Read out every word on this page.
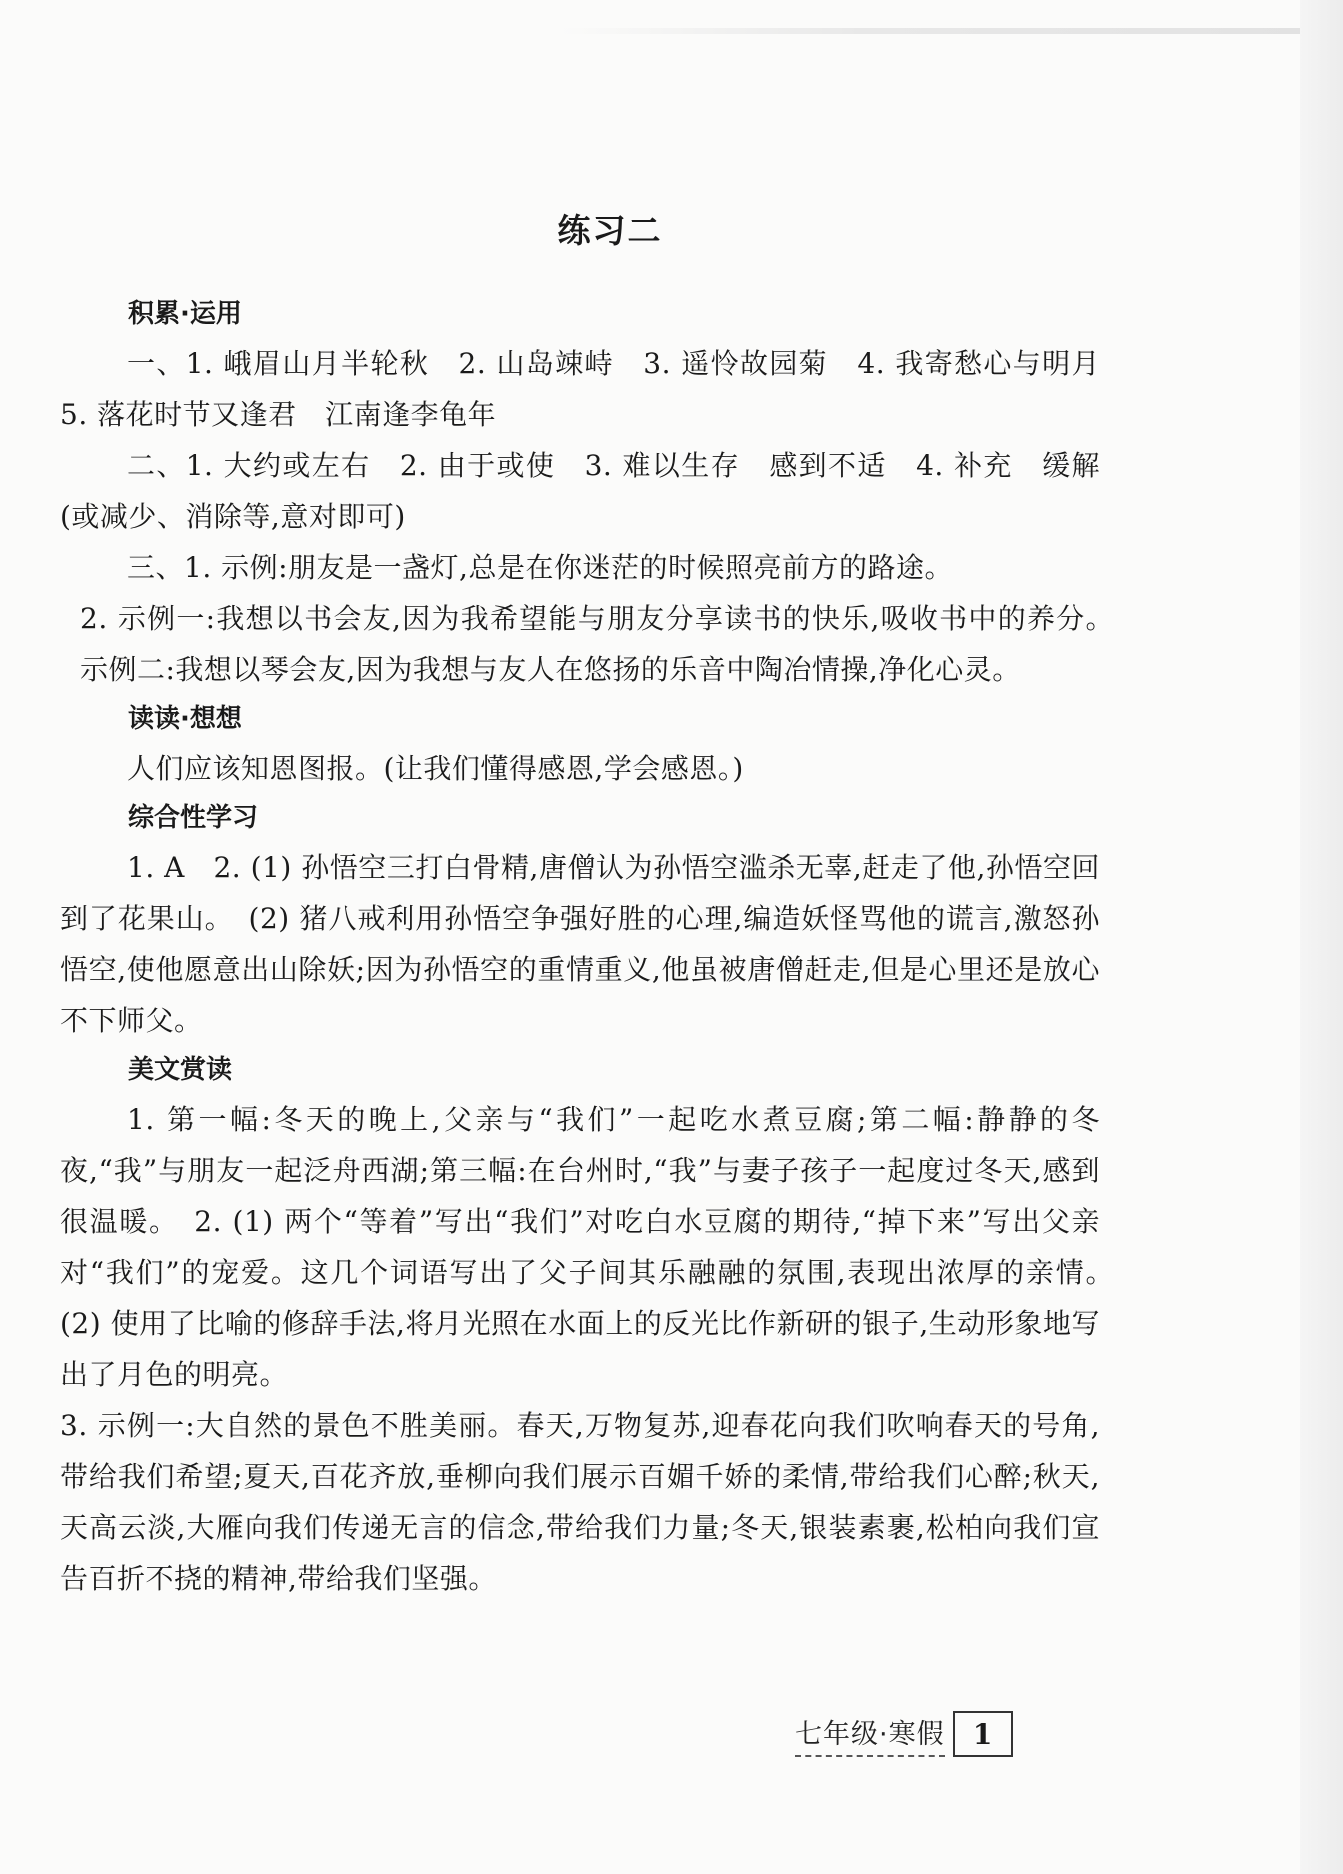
练习二
积累·运用

一、1. 峨眉山月半轮秋　2. 山岛竦峙　3. 遥怜故园菊　4. 我寄愁心与明月　5. 落花时节又逢君　江南逢李龟年

二、1. 大约或左右　2. 由于或使　3. 难以生存　感到不适　4. 补充　缓解(或减少、消除等,意对即可)

三、1. 示例:朋友是一盏灯,总是在你迷茫的时候照亮前方的路途。

2. 示例一:我想以书会友,因为我希望能与朋友分享读书的快乐,吸收书中的养分。　示例二:我想以琴会友,因为我想与友人在悠扬的乐音中陶冶情操,净化心灵。

读读·想想

人们应该知恩图报。(让我们懂得感恩,学会感恩。)

综合性学习

1. A　2. (1) 孙悟空三打白骨精,唐僧认为孙悟空滥杀无辜,赶走了他,孙悟空回到了花果山。　(2) 猪八戒利用孙悟空争强好胜的心理,编造妖怪骂他的谎言,激怒孙悟空,使他愿意出山除妖;因为孙悟空的重情重义,他虽被唐僧赶走,但是心里还是放心不下师父。

美文赏读

1. 第一幅:冬天的晚上,父亲与“我们”一起吃水煮豆腐;第二幅:静静的冬夜,“我”与朋友一起泛舟西湖;第三幅:在台州时,“我”与妻子孩子一起度过冬天,感到很温暖。　2. (1) 两个“等着”写出“我们”对吃白水豆腐的期待,“掉下来”写出父亲对“我们”的宠爱。这几个词语写出了父子间其乐融融的氛围,表现出浓厚的亲情。　(2) 使用了比喻的修辞手法,将月光照在水面上的反光比作新研的银子,生动形象地写出了月色的明亮。

3. 示例一:大自然的景色不胜美丽。春天,万物复苏,迎春花向我们吹响春天的号角,带给我们希望;夏天,百花齐放,垂柳向我们展示百媚千娇的柔情,带给我们心醉;秋天,天高云淡,大雁向我们传递无言的信念,带给我们力量;冬天,银装素裹,松柏向我们宣告百折不挠的精神,带给我们坚强。

七年级·寒假	1
